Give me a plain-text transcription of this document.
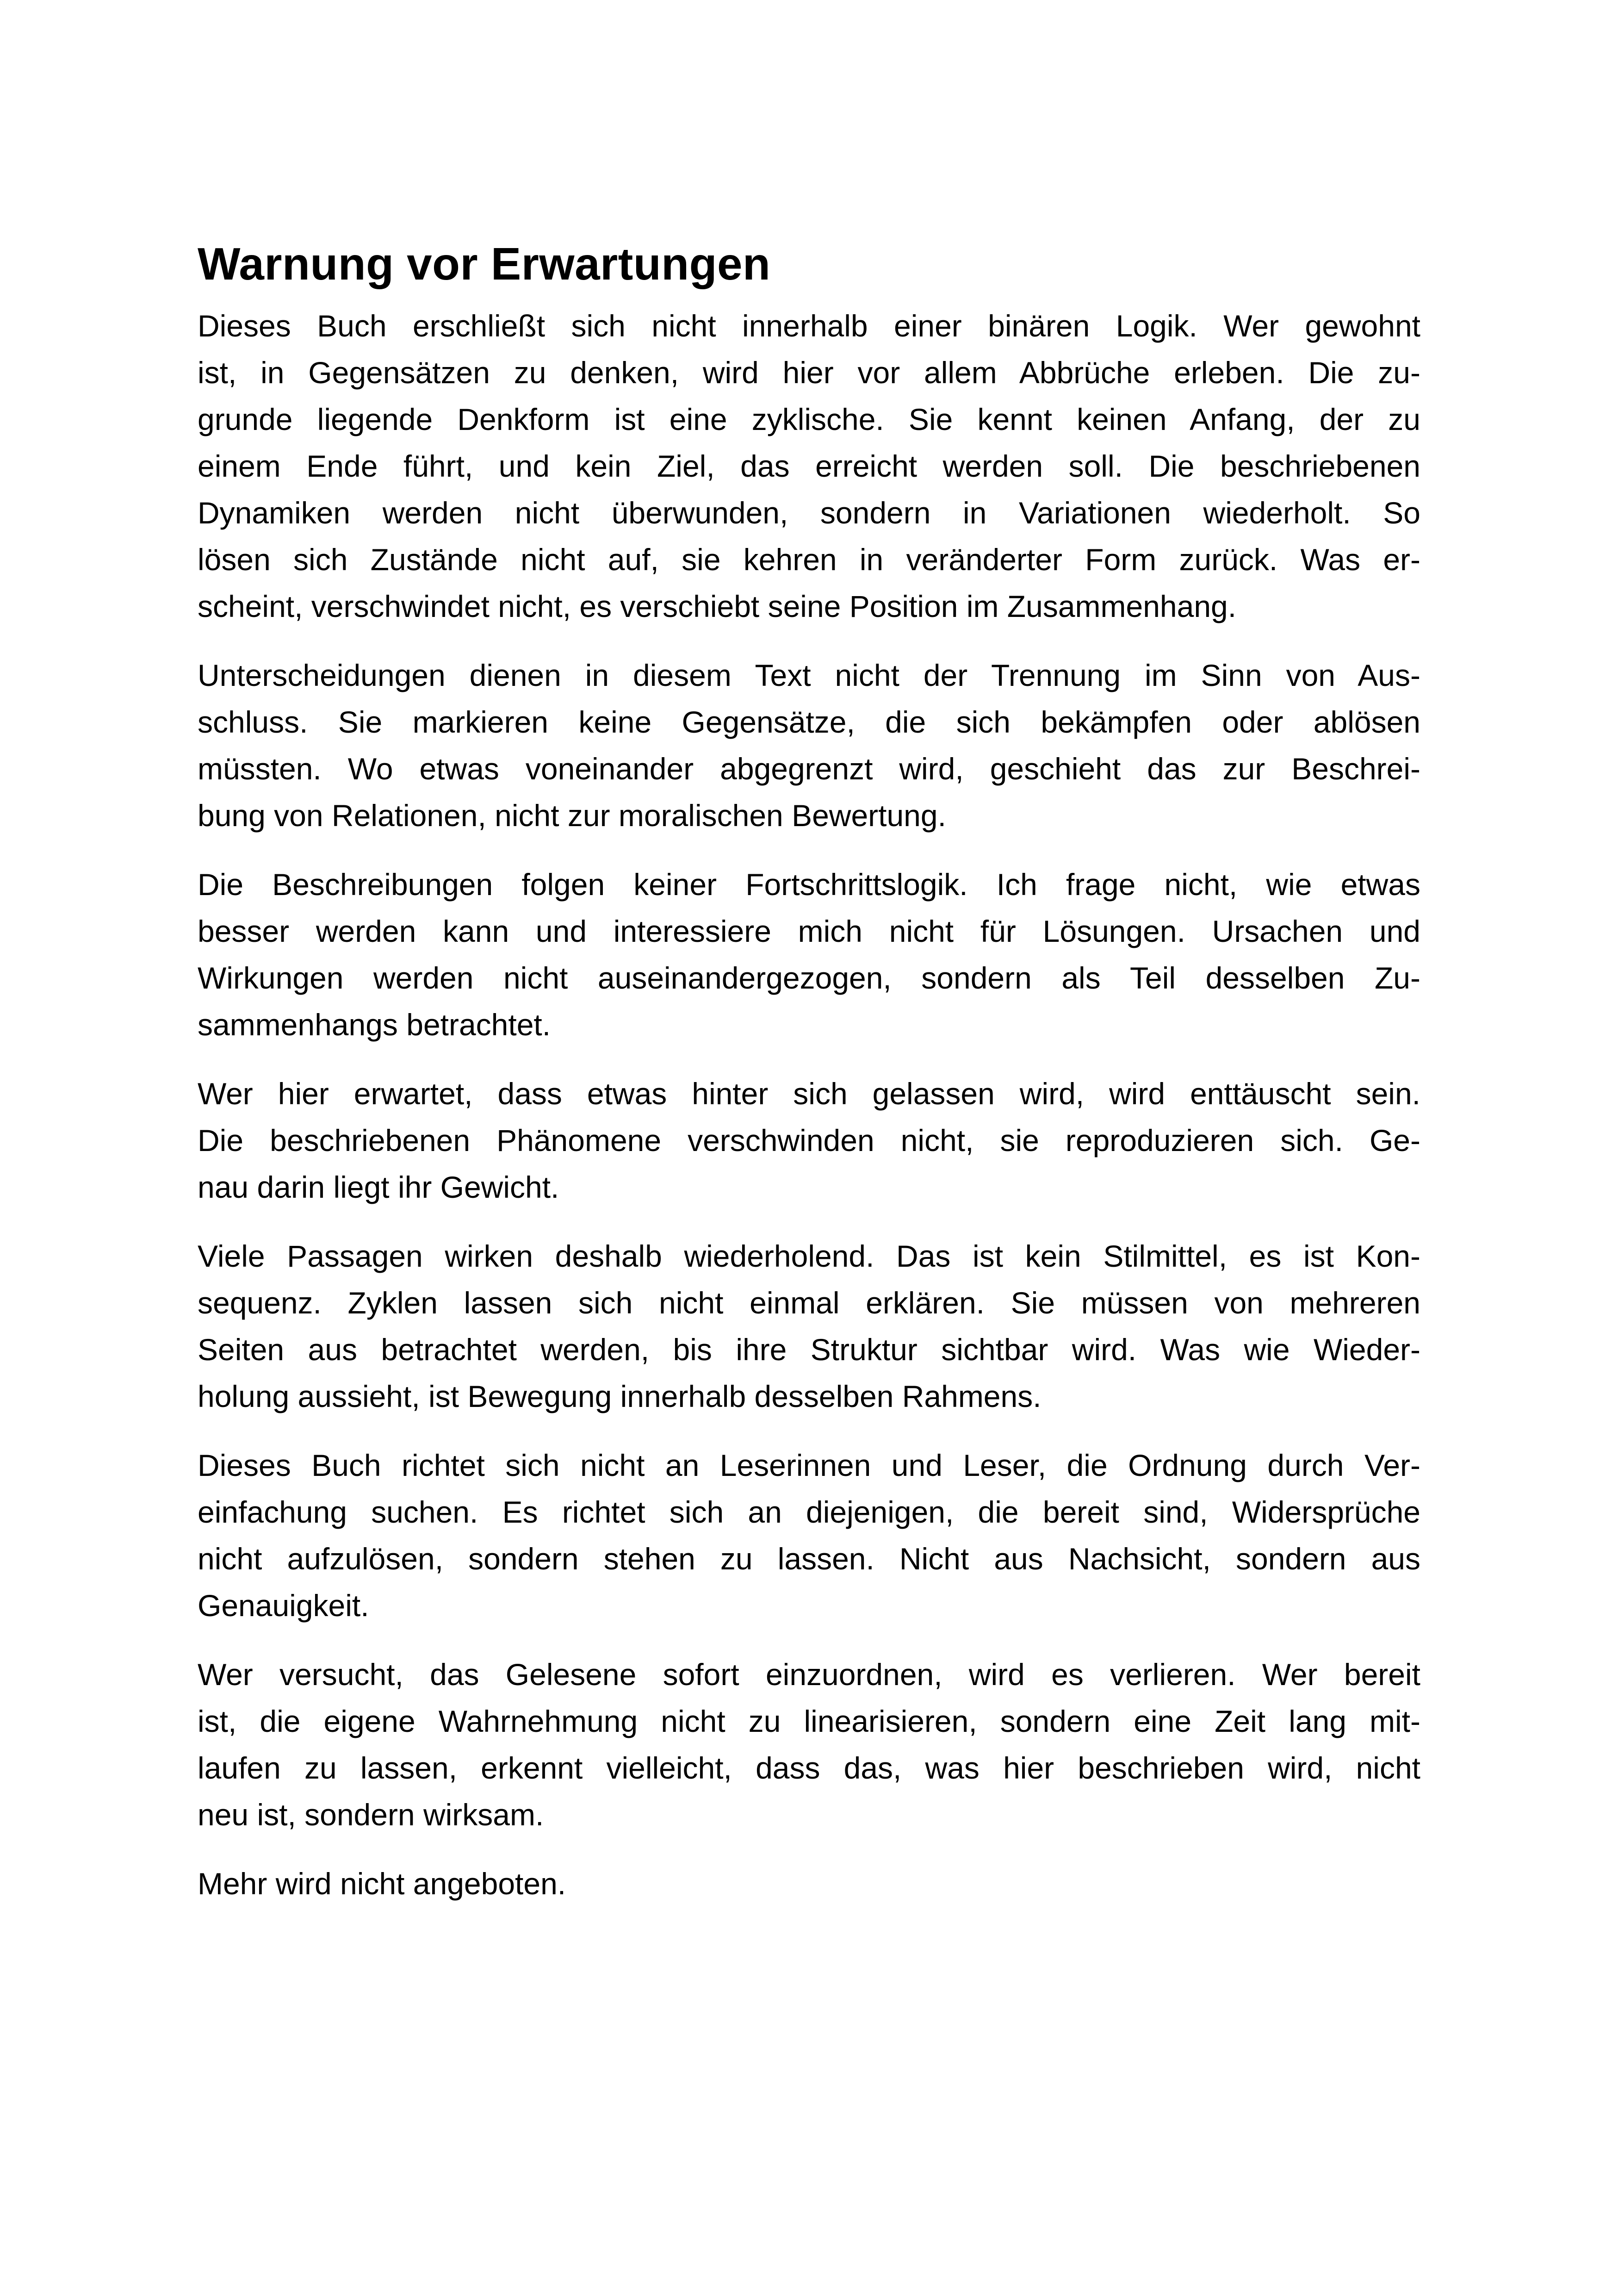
Warnung vor Erwartungen
Dieses Buch erschließt sich nicht innerhalb einer binären Logik. Wer gewohnt
ist, in Gegensätzen zu denken, wird hier vor allem Abbrüche erleben. Die zu-
grunde liegende Denkform ist eine zyklische. Sie kennt keinen Anfang, der zu
einem Ende führt, und kein Ziel, das erreicht werden soll. Die beschriebenen
Dynamiken werden nicht überwunden, sondern in Variationen wiederholt. So
lösen sich Zustände nicht auf, sie kehren in veränderter Form zurück. Was er-
scheint, verschwindet nicht, es verschiebt seine Position im Zusammenhang.
Unterscheidungen dienen in diesem Text nicht der Trennung im Sinn von Aus-
schluss. Sie markieren keine Gegensätze, die sich bekämpfen oder ablösen
müssten. Wo etwas voneinander abgegrenzt wird, geschieht das zur Beschrei-
bung von Relationen, nicht zur moralischen Bewertung.
Die Beschreibungen folgen keiner Fortschrittslogik. Ich frage nicht, wie etwas
besser werden kann und interessiere mich nicht für Lösungen. Ursachen und
Wirkungen werden nicht auseinandergezogen, sondern als Teil desselben Zu-
sammenhangs betrachtet.
Wer hier erwartet, dass etwas hinter sich gelassen wird, wird enttäuscht sein.
Die beschriebenen Phänomene verschwinden nicht, sie reproduzieren sich. Ge-
nau darin liegt ihr Gewicht.
Viele Passagen wirken deshalb wiederholend. Das ist kein Stilmittel, es ist Kon-
sequenz. Zyklen lassen sich nicht einmal erklären. Sie müssen von mehreren
Seiten aus betrachtet werden, bis ihre Struktur sichtbar wird. Was wie Wieder-
holung aussieht, ist Bewegung innerhalb desselben Rahmens.
Dieses Buch richtet sich nicht an Leserinnen und Leser, die Ordnung durch Ver-
einfachung suchen. Es richtet sich an diejenigen, die bereit sind, Widersprüche
nicht aufzulösen, sondern stehen zu lassen. Nicht aus Nachsicht, sondern aus
Genauigkeit.
Wer versucht, das Gelesene sofort einzuordnen, wird es verlieren. Wer bereit
ist, die eigene Wahrnehmung nicht zu linearisieren, sondern eine Zeit lang mit-
laufen zu lassen, erkennt vielleicht, dass das, was hier beschrieben wird, nicht
neu ist, sondern wirksam.
Mehr wird nicht angeboten.
